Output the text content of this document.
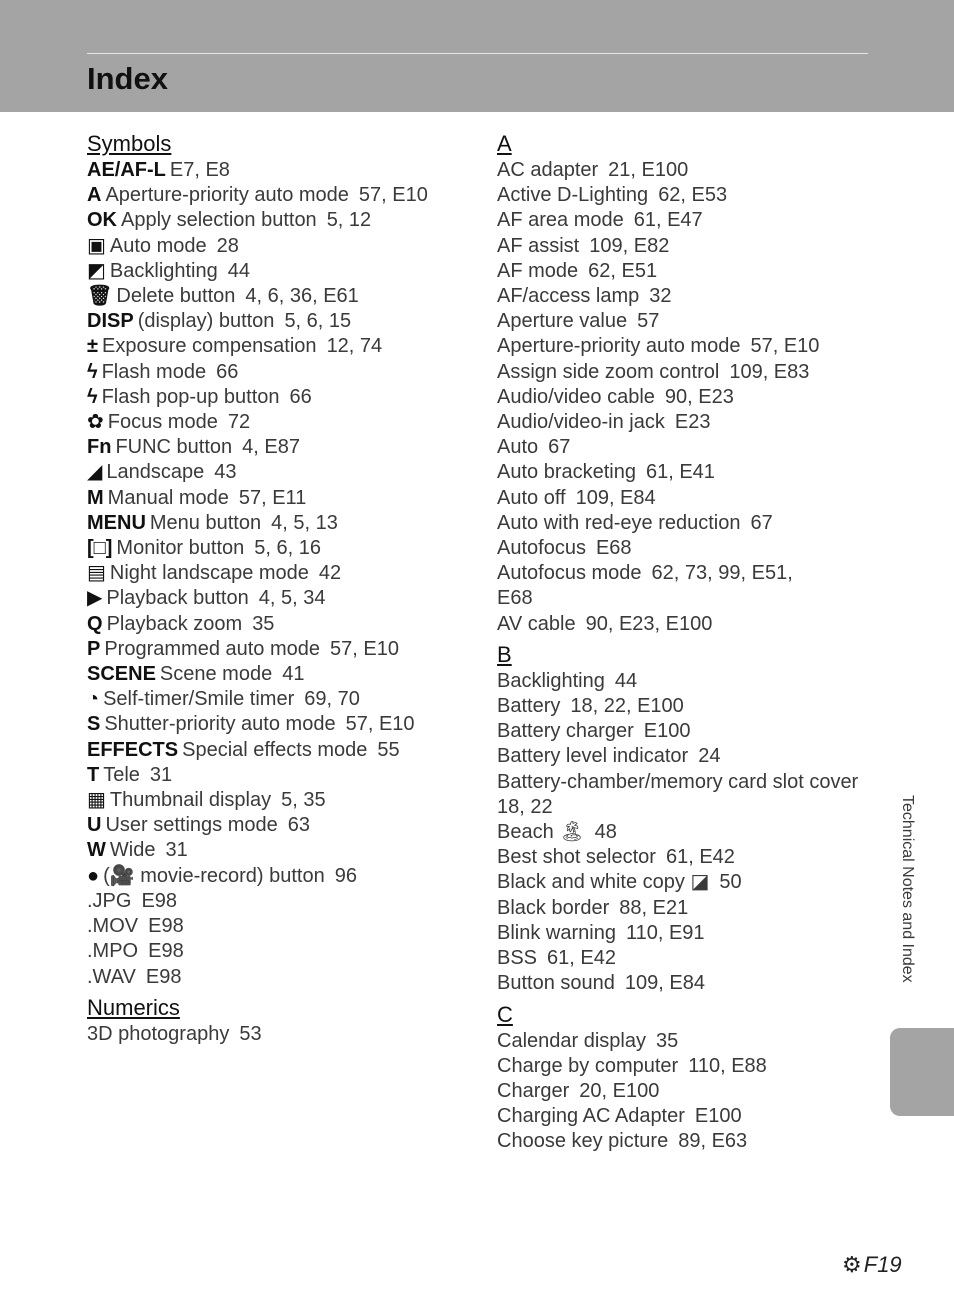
Index
Symbols
AE/AF-L E7, E8
A Aperture-priority auto mode 57, E10
OK Apply selection button 5, 12
▣ Auto mode 28
◩ Backlighting 44
🗑 Delete button 4, 6, 36, E61
DISP (display) button 5, 6, 15
± Exposure compensation 12, 74
ϟ Flash mode 66
ϟ Flash pop-up button 66
✿ Focus mode 72
Fn FUNC button 4, E87
◢ Landscape 43
M Manual mode 57, E11
MENU Menu button 4, 5, 13
[□] Monitor button 5, 6, 16
▤ Night landscape mode 42
▶ Playback button 4, 5, 34
Q Playback zoom 35
P Programmed auto mode 57, E10
SCENE Scene mode 41
◔ Self-timer/Smile timer 69, 70
S Shutter-priority auto mode 57, E10
EFFECTS Special effects mode 55
T Tele 31
▦ Thumbnail display 5, 35
U User settings mode 63
W Wide 31
● (🎥 movie-record) button 96
.JPG E98
.MOV E98
.MPO E98
.WAV E98
Numerics
3D photography 53
A
AC adapter 21, E100
Active D-Lighting 62, E53
AF area mode 61, E47
AF assist 109, E82
AF mode 62, E51
AF/access lamp 32
Aperture value 57
Aperture-priority auto mode 57, E10
Assign side zoom control 109, E83
Audio/video cable 90, E23
Audio/video-in jack E23
Auto 67
Auto bracketing 61, E41
Auto off 109, E84
Auto with red-eye reduction 67
Autofocus E68
Autofocus mode 62, 73, 99, E51,
E68
AV cable 90, E23, E100
B
Backlighting 44
Battery 18, 22, E100
Battery charger E100
Battery level indicator 24
Battery-chamber/memory card slot cover
18, 22
Beach 🏝 48
Best shot selector 61, E42
Black and white copy ◪ 50
Black border 88, E21
Blink warning 110, E91
BSS 61, E42
Button sound 109, E84
C
Calendar display 35
Charge by computer 110, E88
Charger 20, E100
Charging AC Adapter E100
Choose key picture 89, E63
Technical Notes and Index
⚙F19
